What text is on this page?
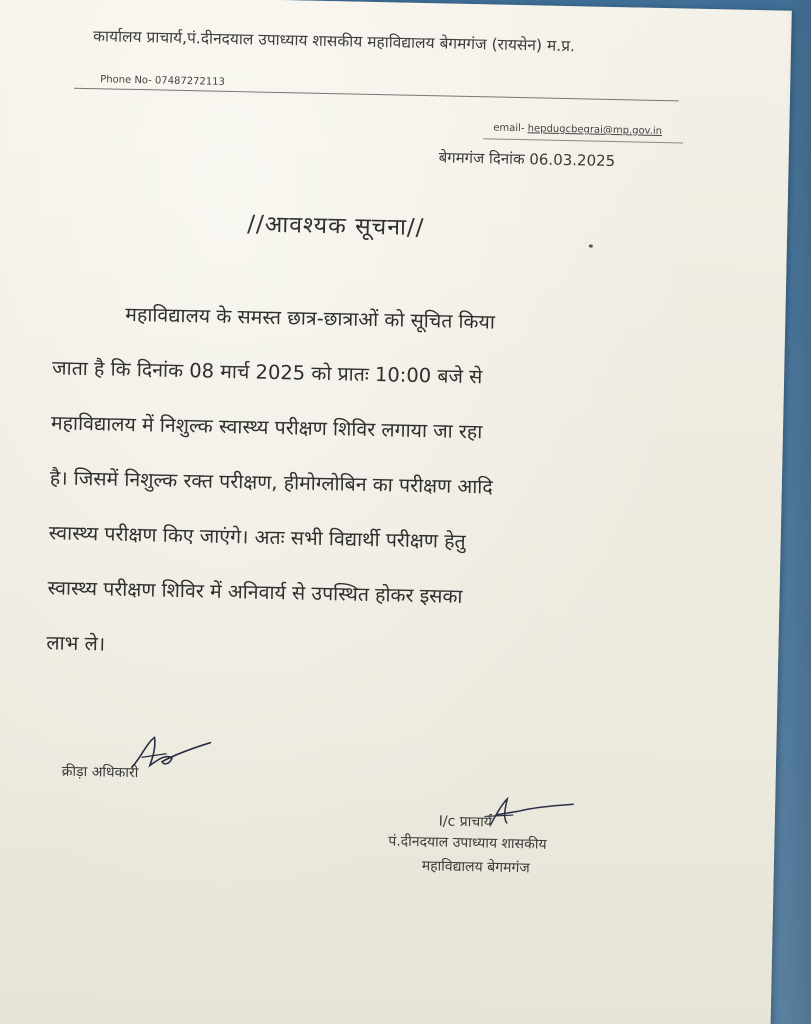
कार्यालय प्राचार्य,पं.दीनदयाल उपाध्याय शासकीय महाविद्यालय बेगमगंज (रायसेन) म.प्र.
Phone No- 07487272113
email- hepdugcbegrai@mp.gov.in
बेगमगंज दिनांक 06.03.2025
//आवश्यक सूचना//
महाविद्यालय के समस्त छात्र-छात्राओं को सूचित किया
जाता है कि दिनांक 08 मार्च 2025 को प्रातः 10:00 बजे से
महाविद्यालय में निशुल्क स्वास्थ्य परीक्षण शिविर लगाया जा रहा
है। जिसमें निशुल्क रक्त परीक्षण, हीमोग्लोबिन का परीक्षण आदि
स्वास्थ्य परीक्षण किए जाएंगे। अतः सभी विद्यार्थी परीक्षण हेतु
स्वास्थ्य परीक्षण शिविर में अनिवार्य से उपस्थित होकर इसका
लाभ ले।
क्रीड़ा अधिकारी
I/c प्राचार्य
पं.दीनदयाल उपाध्याय शासकीय
महाविद्यालय बेगमगंज
